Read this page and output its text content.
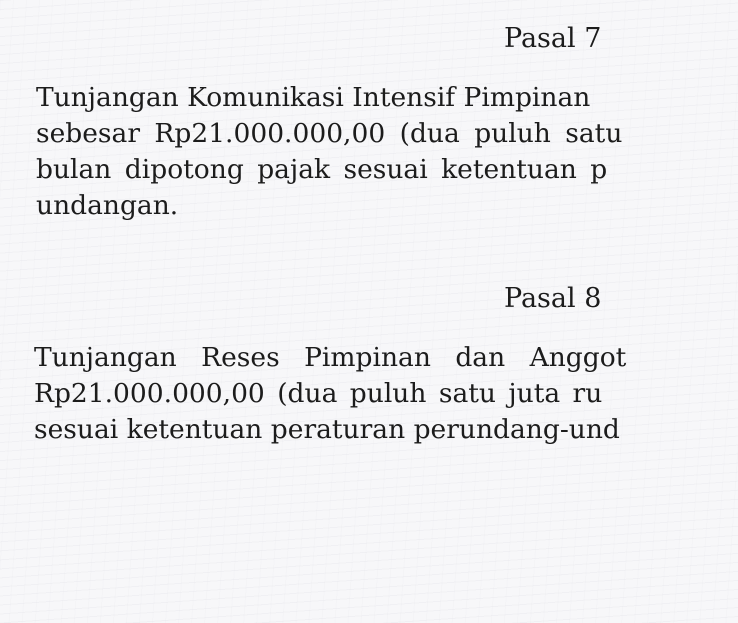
Pasal 7

Tunjangan Komunikasi Intensif Pimpinan

sebesar Rp21.000.000,00 (dua puluh satu

bulan dipotong pajak sesuai ketentuan p

undangan.

Pasal 8

Tunjangan Reses Pimpinan dan Anggot

Rp21.000.000,00 (dua puluh satu juta ru

sesuai ketentuan peraturan perundang-und
